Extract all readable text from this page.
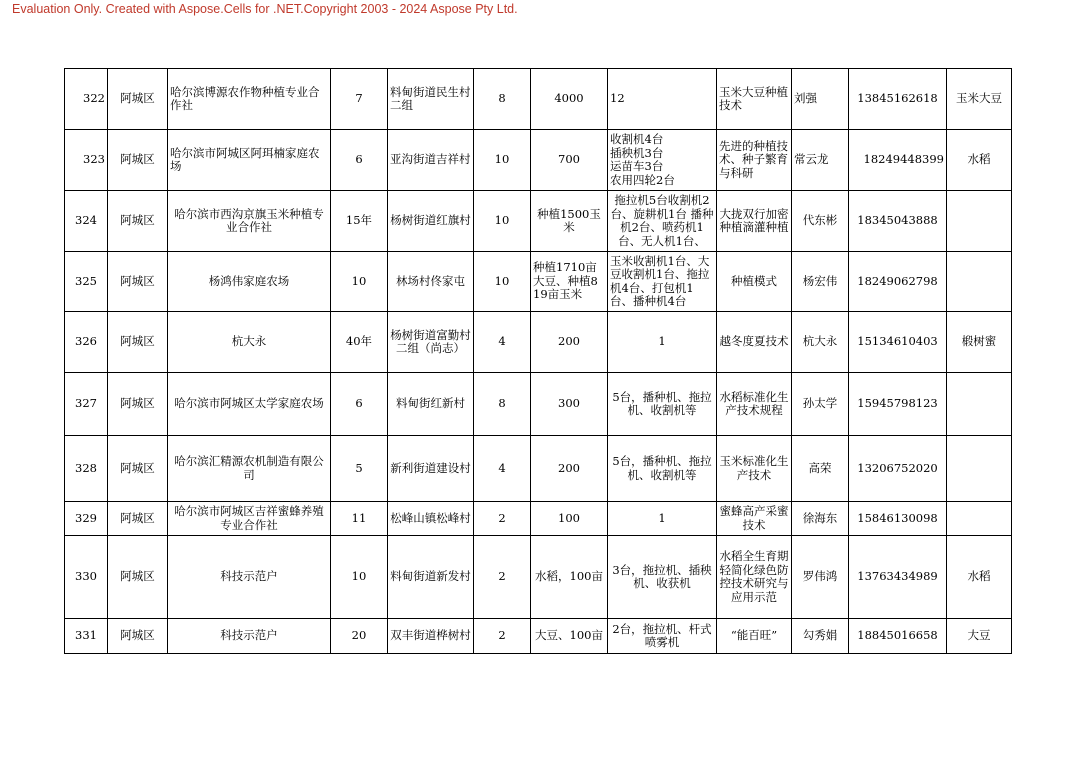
Evaluation Only. Created with Aspose.Cells for .NET.Copyright 2003 - 2024 Aspose Pty Ltd.
322	阿城区	哈尔滨博源农作物种植专业合作社	7	料甸街道民生村二组	8	4000	12	玉米大豆种植技术	刘强	13845162618	玉米大豆
323	阿城区	哈尔滨市阿城区阿珥楠家庭农场	6	亚沟街道吉祥村	10	700	收割机4台
插秧机3台
运苗车3台
农用四轮2台	先进的种植技术、种子繁育与科研	常云龙	18249448399	水稻
324	阿城区	哈尔滨市西沟京旗玉米种植专业合作社	15年	杨树街道红旗村	10	种植1500玉米	拖拉机5台收割机2台、旋耕机1台 播种机2台、喷药机1台、无人机1台、	大拢双行加密种植滴灌种植	代东彬	18345043888	
325	阿城区	杨鸿伟家庭农场	10	林场村佟家屯	10	种植1710亩大豆、种植819亩玉米	玉米收割机1台、大豆收割机1台、拖拉机4台、打包机1台、播种机4台	种植模式	杨宏伟	18249062798	
326	阿城区	杭大永	40年	杨树街道富勤村二组（尚志）	4	200	1	越冬度夏技术	杭大永	15134610403	椴树蜜
327	阿城区	哈尔滨市阿城区太学家庭农场	6	料甸街红新村	8	300	5台，播种机、拖拉机、收割机等	水稻标准化生产技术规程	孙太学	15945798123	
328	阿城区	哈尔滨汇精源农机制造有限公司	5	新利街道建设村	4	200	5台，播种机、拖拉机、收割机等	玉米标准化生产技术	高荣	13206752020	
329	阿城区	哈尔滨市阿城区吉祥蜜蜂养殖专业合作社	11	松峰山镇松峰村	2	100	1	蜜蜂高产采蜜技术	徐海东	15846130098	
330	阿城区	科技示范户	10	料甸街道新发村	2	水稻，100亩	3台，拖拉机、插秧机、收获机	水稻全生育期轻简化绿色防控技术研究与应用示范	罗伟鸿	13763434989	水稻
331	阿城区	科技示范户	20	双丰街道桦树村	2	大豆、100亩	2台，拖拉机、杆式喷雾机	“能百旺”	勾秀娟	18845016658	大豆
